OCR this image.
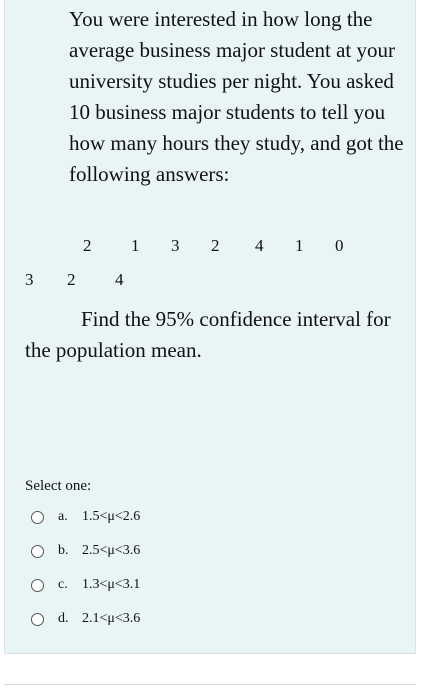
You were interested in how long the average business major student at your university studies per night. You asked 10 business major students to tell you how many hours they study, and got the following answers:
2 1 3 2 4 1 0
3 2 4
Find the 95% confidence interval for the population mean.
Select one:
a.	1.5<μ<2.6
b. 2.5<μ<3.6
c.	1.3<μ<3.1
d. 2.1<μ<3.6
